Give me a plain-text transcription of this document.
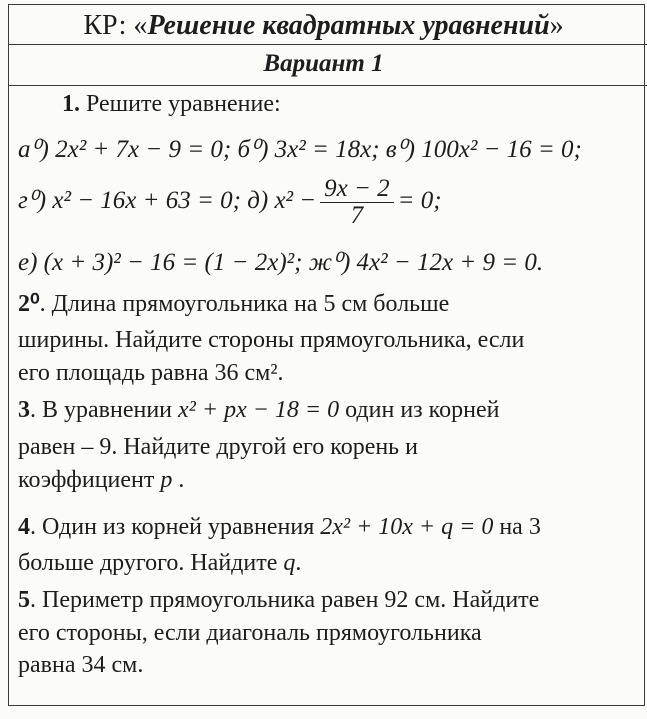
КР: «Решение квадратных уравнений»
Вариант 1
1. Решите уравнение:
а⁰) 2x² + 7x − 9 = 0; б⁰) 3x² = 18x; в⁰) 100x² − 16 = 0;
г⁰) x² − 16x + 63 = 0; д) $x^2 - \frac{9x - 2}{7} = 0$;
е) (x + 3)² − 16 = (1 − 2x)²; ж⁰) 4x² − 12x + 9 = 0.
2⁰. Длина прямоугольника на 5 см больше
ширины. Найдите стороны прямоугольника, если
его площадь равна 36 см².
3. В уравнении x² + px − 18 = 0 один из корней
равен – 9. Найдите другой его корень и
коэффициент p .
4. Один из корней уравнения 2x² + 10x + q = 0 на 3
больше другого. Найдите q.
5. Периметр прямоугольника равен 92 см. Найдите
его стороны, если диагональ прямоугольника
равна 34 см.
